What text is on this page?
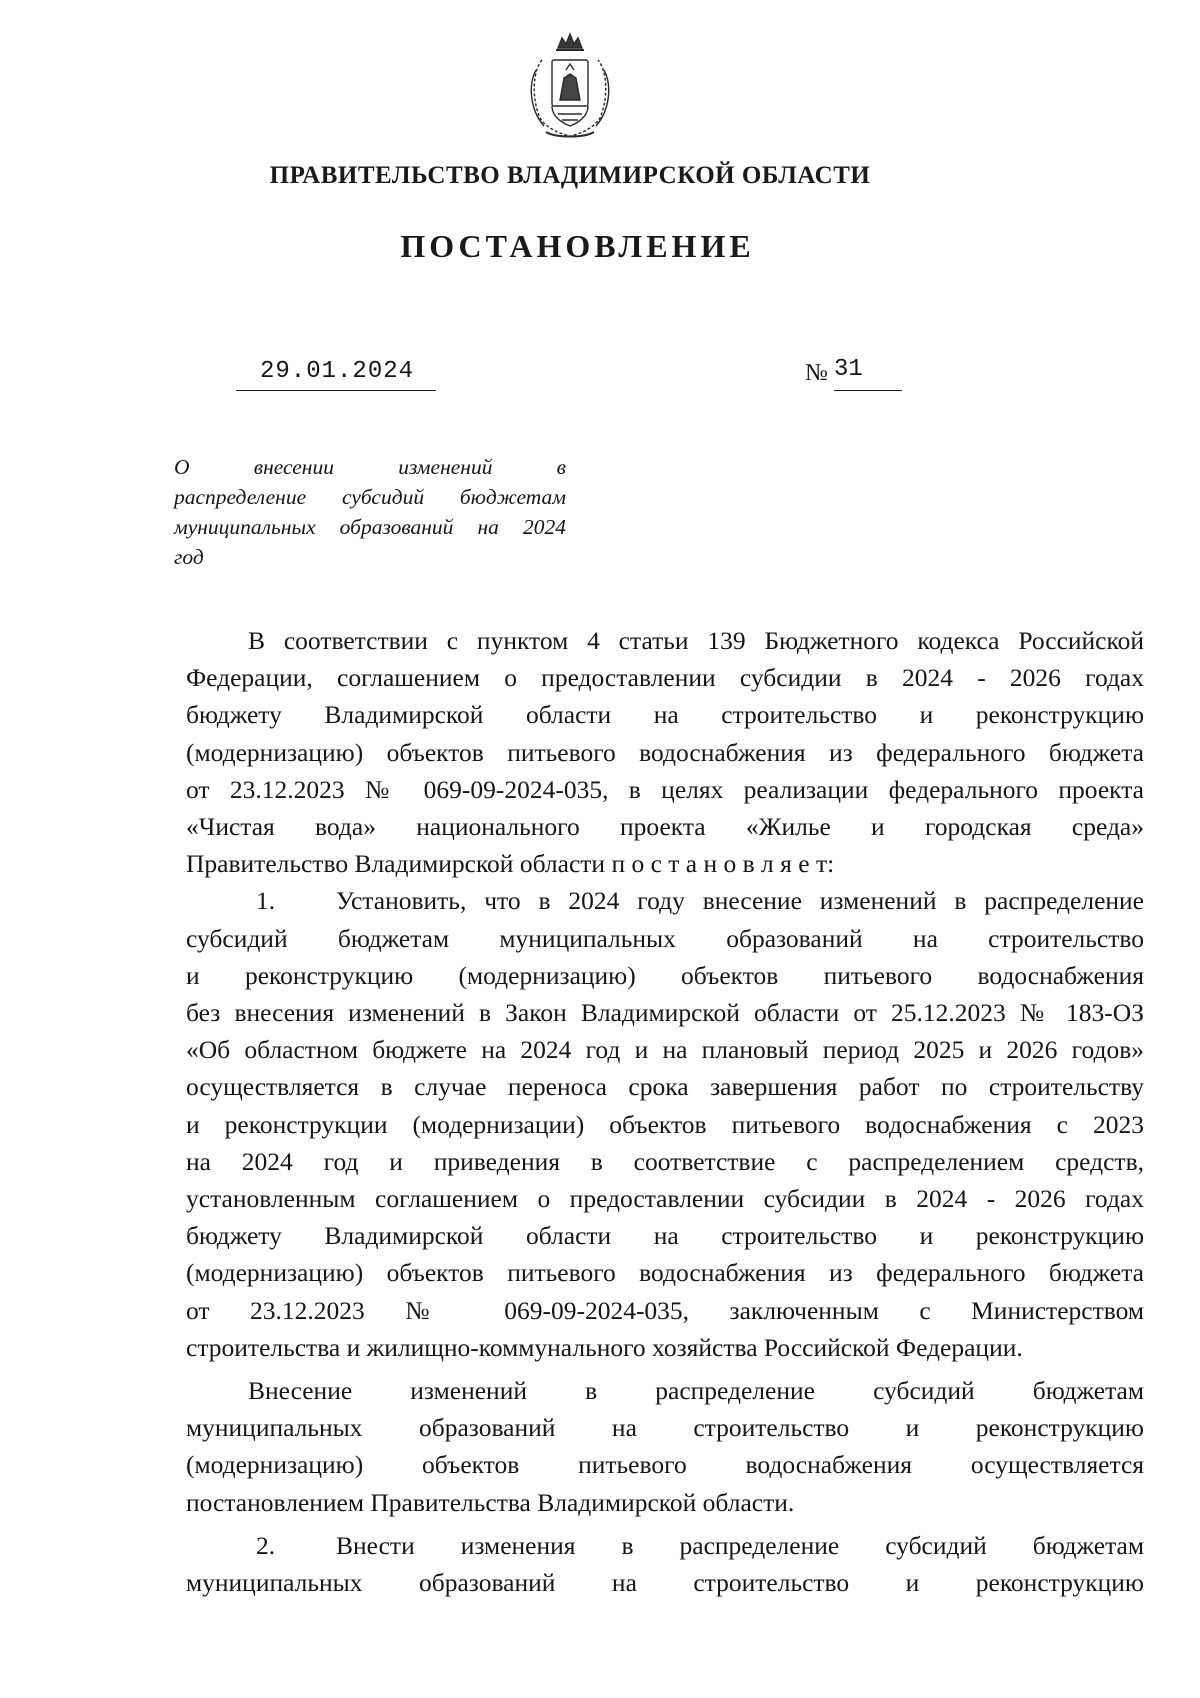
ПРАВИТЕЛЬСТВО ВЛАДИМИРСКОЙ ОБЛАСТИ
ПОСТАНОВЛЕНИЕ
29.01.2024	№ 31
О внесении изменений в
распределение субсидий бюджетам
муниципальных образований на 2024
год
В соответствии с пунктом 4 статьи 139 Бюджетного кодекса Российской
Федерации, соглашением о предоставлении субсидии в 2024 - 2026 годах
бюджету Владимирской области на строительство и реконструкцию
(модернизацию) объектов питьевого водоснабжения из федерального бюджета
от 23.12.2023 № 069-09-2024-035, в целях реализации федерального проекта
«Чистая вода» национального проекта «Жилье и городская среда»
Правительство Владимирской области п о с т а н о в л я е т:
1.	Установить, что в 2024 году внесение изменений в распределение
субсидий бюджетам муниципальных образований на строительство
и реконструкцию (модернизацию) объектов питьевого водоснабжения
без внесения изменений в Закон Владимирской области от 25.12.2023 № 183-ОЗ
«Об областном бюджете на 2024 год и на плановый период 2025 и 2026 годов»
осуществляется в случае переноса срока завершения работ по строительству
и реконструкции (модернизации) объектов питьевого водоснабжения с 2023
на 2024 год и приведения в соответствие с распределением средств,
установленным соглашением о предоставлении субсидии в 2024 - 2026 годах
бюджету Владимирской области на строительство и реконструкцию
(модернизацию) объектов питьевого водоснабжения из федерального бюджета
от 23.12.2023 № 069-09-2024-035, заключенным с Министерством
строительства и жилищно-коммунального хозяйства Российской Федерации.
Внесение изменений в распределение субсидий бюджетам
муниципальных образований на строительство и реконструкцию
(модернизацию) объектов питьевого водоснабжения осуществляется
постановлением Правительства Владимирской области.
2.	Внести изменения в распределение субсидий бюджетам
муниципальных образований на строительство и реконструкцию
